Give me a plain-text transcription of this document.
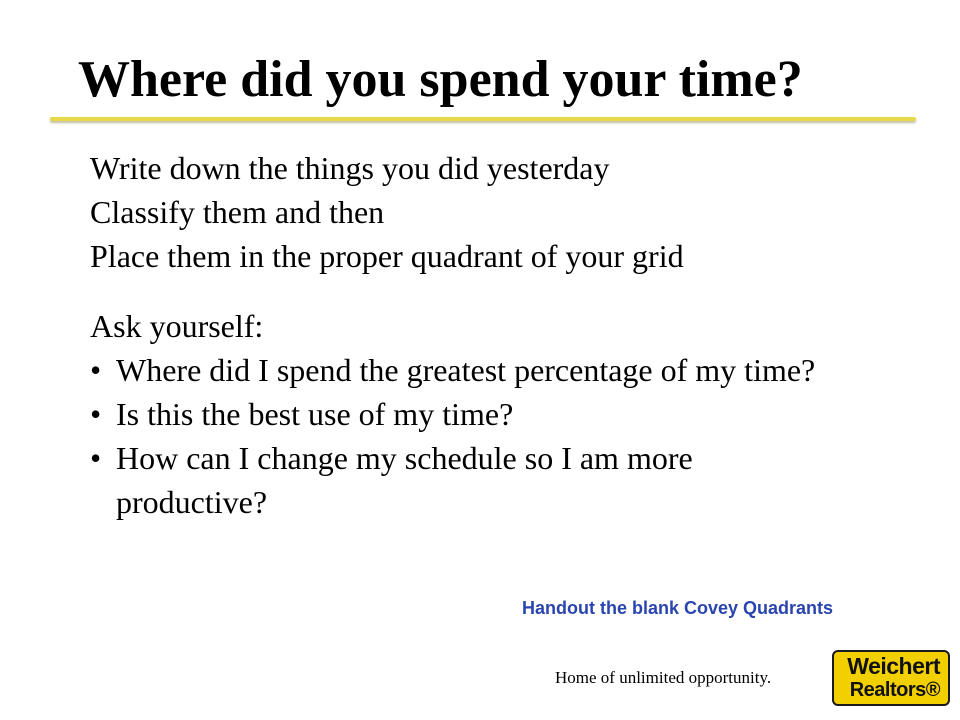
Where did you spend your time?
Write down the things you did yesterday
Classify them and then
Place them in the proper quadrant of your grid
Ask yourself:
• Where did I spend the greatest percentage of my time?
• Is this the best use of my time?
• How can I change my schedule so I am more productive?
Handout the blank Covey Quadrants
Home of unlimited opportunity.	Weichert
Realtors®
